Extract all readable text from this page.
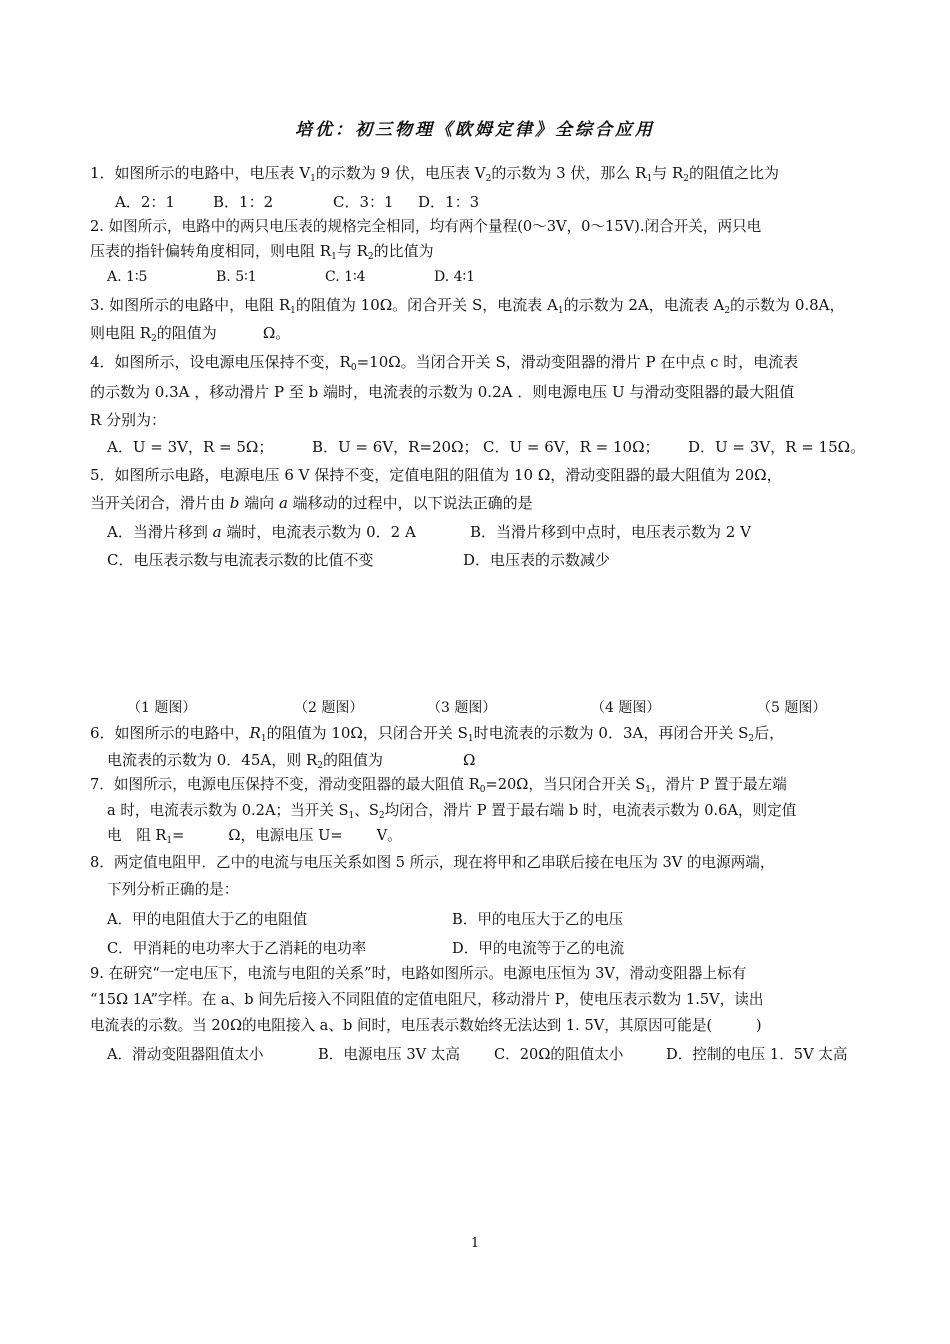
培优：初三物理《欧姆定律》全综合应用
1．如图所示的电路中，电压表 $V_1$的示数为 9 伏，电压表 $V_2$的示数为 3 伏，那么 $R_1$与 $R_2$的阻值之比为
A．2：1	B．1：2	C．3：1 D．1：3
2. 如图所示，电路中的两只电压表的规格完全相同，均有两个量程(0～3V，0～15V).闭合开关，两只电
压表的指针偏转角度相同，则电阻 $R_1$与 $R_2$的比值为
A. 1∶5	B. 5∶1	C. 1∶4	D. 4∶1
3. 如图所示的电路中，电阻 $R_1$的阻值为 10Ω。闭合开关 S，电流表 $A_1$的示数为 2A，电流表 $A_2$的示数为 0.8A，
则电阻 $R_2$的阻值为	Ω。
4．如图所示，设电源电压保持不变，$R_0=10\Omega$。当闭合开关 S，滑动变阻器的滑片 P 在中点 c 时，电流表
的示数为 0.3A ，移动滑片 P 至 b 端时，电流表的示数为 0.2A ．则电源电压 U 与滑动变阻器的最大阻值
R 分别为：
A．U = 3V，R = 5Ω；	B．U = 6V，R=20Ω； C．U = 6V，R = 10Ω； D．U = 3V，R = 15Ω。
5．如图所示电路，电源电压 6 V 保持不变，定值电阻的阻值为 10 Ω，滑动变阻器的最大阻值为 20Ω，
当开关闭合，滑片由 b 端向 a 端移动的过程中，以下说法正确的是
A．当滑片移到 a 端时，电流表示数为 0．2 A	B．当滑片移到中点时，电压表示数为 2 V
C．电压表示数与电流表示数的比值不变	D．电压表的示数减少
（1 题图）	（2 题图）	（3 题图）	（4 题图）	（5 题图）
6．如图所示的电路中，$R_1$的阻值为 10Ω，只闭合开关 $S_1$时电流表的示数为 0．3A，再闭合开关 $S_2$后，
电流表的示数为 0．45A，则 $R_2$的阻值为	Ω
7．如图所示，电源电压保持不变，滑动变阻器的最大阻值 $R_0=20\Omega$，当只闭合开关 $S_1$，滑片 P 置于最左端
a 时，电流表示数为 0.2A；当开关 $S_1$、$S_2$均闭合，滑片 P 置于最右端 b 时，电流表示数为 0.6A，则定值
电　阻 $R_1=$	Ω，电源电压 U= V。
8．两定值电阻甲．乙中的电流与电压关系如图 5 所示，现在将甲和乙串联后接在电压为 3V 的电源两端，
下列分析正确的是：
A．甲的电阻值大于乙的电阻值	B．甲的电压大于乙的电压
C．甲消耗的电功率大于乙消耗的电功率	D．甲的电流等于乙的电流
9. 在研究“一定电压下，电流与电阻的关系”时，电路如图所示。电源电压恒为 3V，滑动变阻器上标有
“15Ω 1A”字样。在 a、b 间先后接入不同阻值的定值电阻尺，移动滑片 P，使电压表示数为 1.5V，读出
电流表的示数。当 20Ω的电阻接入 a、b 间时，电压表示数始终无法达到 1. 5V，其原因可能是(　　　)
A．滑动变阻器阻值太小	B．电源电压 3V 太高 C．20Ω的阻值太小	D．控制的电压 1．5V 太高
1
